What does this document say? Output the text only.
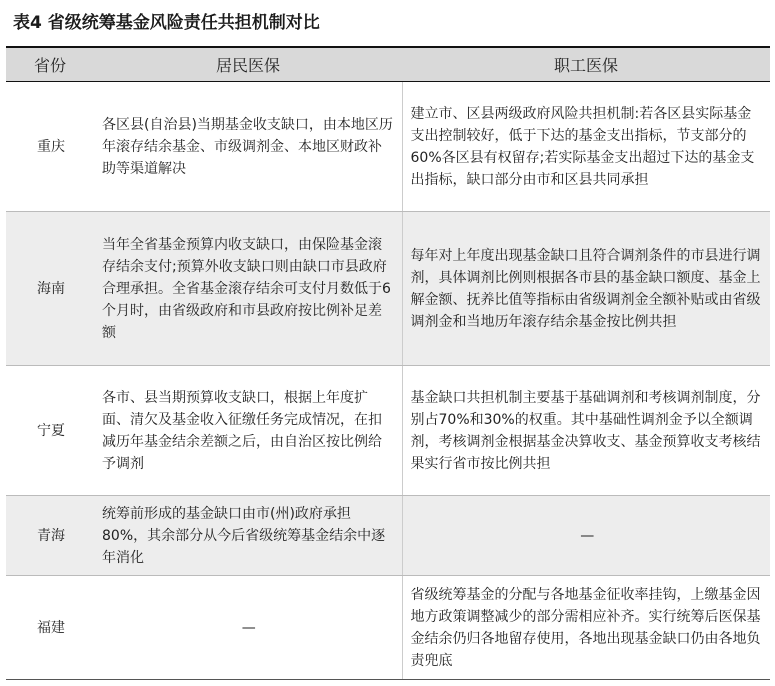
表4 省级统筹基金风险责任共担机制对比
省份	居民医保	职工医保
重庆	各区县(自治县)当期基金收支缺口，由本地区历年滚存结余基金、市级调剂金、本地区财政补助等渠道解决	建立市、区县两级政府风险共担机制:若各区县实际基金支出控制较好，低于下达的基金支出指标，节支部分的60%各区县有权留存;若实际基金支出超过下达的基金支出指标，缺口部分由市和区县共同承担
海南	当年全省基金预算内收支缺口，由保险基金滚存结余支付;预算外收支缺口则由缺口市县政府合理承担。全省基金滚存结余可支付月数低于6个月时，由省级政府和市县政府按比例补足差额	每年对上年度出现基金缺口且符合调剂条件的市县进行调剂，具体调剂比例则根据各市县的基金缺口额度、基金上解金额、抚养比值等指标由省级调剂金全额补贴或由省级调剂金和当地历年滚存结余基金按比例共担
宁夏	各市、县当期预算收支缺口，根据上年度扩面、清欠及基金收入征缴任务完成情况，在扣减历年基金结余差额之后，由自治区按比例给予调剂	基金缺口共担机制主要基于基础调剂和考核调剂制度，分别占70%和30%的权重。其中基础性调剂金予以全额调剂，考核调剂金根据基金决算收支、基金预算收支考核结果实行省市按比例共担
青海	统筹前形成的基金缺口由市(州)政府承担80%，其余部分从今后省级统筹基金结余中逐年消化	—
福建	—	省级统筹基金的分配与各地基金征收率挂钩，上缴基金因地方政策调整减少的部分需相应补齐。实行统筹后医保基金结余仍归各地留存使用，各地出现基金缺口仍由各地负责兜底
